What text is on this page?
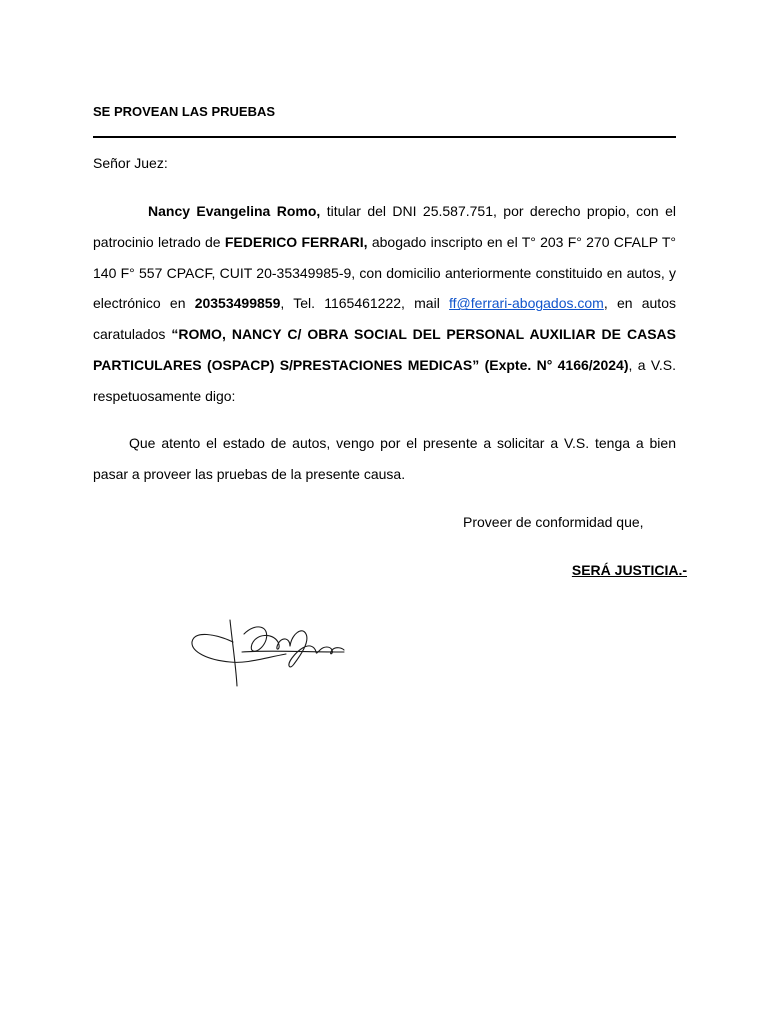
SE PROVEAN LAS PRUEBAS
Señor Juez:

Nancy Evangelina Romo, titular del DNI 25.587.751, por derecho propio, con el patrocinio letrado de FEDERICO FERRARI, abogado inscripto en el T° 203 F° 270 CFALP T° 140 F° 557 CPACF, CUIT 20-35349985-9, con domicilio anteriormente constituido en autos, y electrónico en 20353499859, Tel. 1165461222, mail ff@ferrari-abogados.com, en autos caratulados “ROMO, NANCY C/ OBRA SOCIAL DEL PERSONAL AUXILIAR DE CASAS PARTICULARES (OSPACP) S/PRESTACIONES MEDICAS” (Expte. N° 4166/2024), a V.S. respetuosamente digo:

Que atento el estado de autos, vengo por el presente a solicitar a V.S. tenga a bien pasar a proveer las pruebas de la presente causa.

Proveer de conformidad que,
SERÁ JUSTICIA.-
